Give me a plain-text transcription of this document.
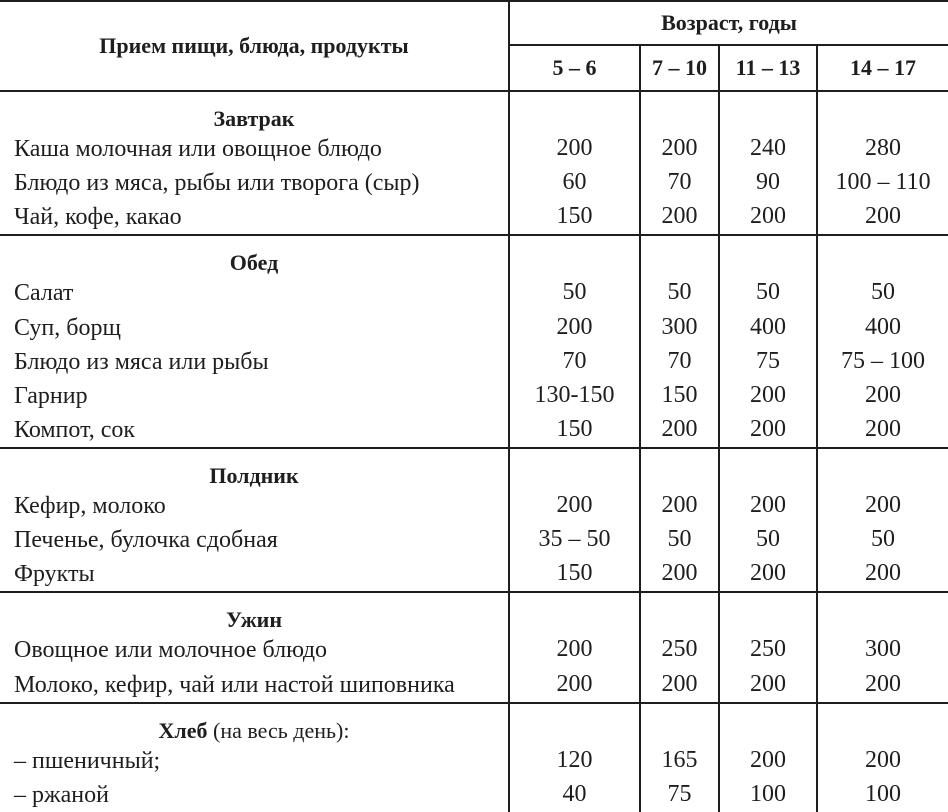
Прием пищи, блюда, продукты	Возраст, годы			
	5 – 6	7 – 10	11 – 13	14 – 17
Завтрак				
Каша молочная или овощное блюдо	200	200	240	280
Блюдо из мяса, рыбы или творога (сыр)	60	70	90	100 – 110
Чай, кофе, какао	150	200	200	200
Обед				
Салат	50	50	50	50
Суп, борщ	200	300	400	400
Блюдо из мяса или рыбы	70	70	75	75 – 100
Гарнир	130-150	150	200	200
Компот, сок	150	200	200	200
Полдник				
Кефир, молоко	200	200	200	200
Печенье, булочка сдобная	35 – 50	50	50	50
Фрукты	150	200	200	200
Ужин				
Овощное или молочное блюдо	200	250	250	300
Молоко, кефир, чай или настой шиповника	200	200	200	200
Хлеб (на весь день):				
– пшеничный;	120	165	200	200
– ржаной	40	75	100	100
